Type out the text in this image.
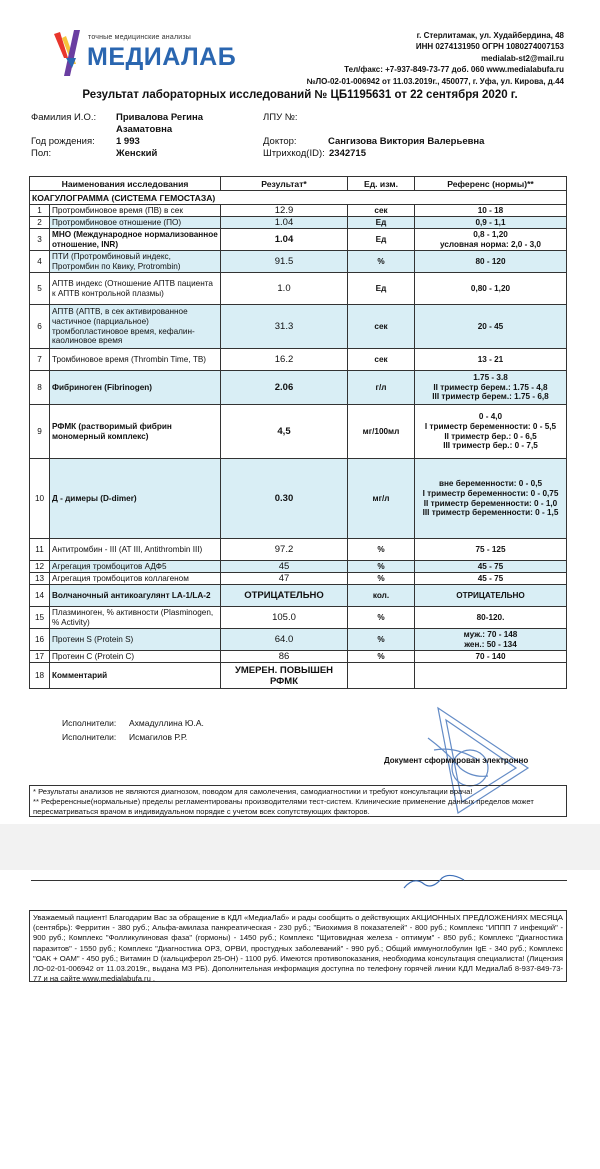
точные медицинские анализы
МЕДИАЛАБ
г. Стерлитамак, ул. Худайбердина, 48
ИНН 0274131950 ОГРН 1080274007153
medialab-st2@mail.ru
Тел/факс: +7-937-849-73-77 доб. 060 www.medialabufa.ru
№ЛО-02-01-006942 от 11.03.2019г., 450077, г. Уфа, ул. Кирова, д.44
Результат лабораторных исследований № ЦБ1195631 от 22 сентября 2020 г.
Фамилия И.О.: Привалова Регина
Азаматовна
Год рождения: 1 993
Пол:	Женский
ЛПУ №:
Доктор:	Сангизова Виктория Валерьевна
Штрихкод(ID): 2342715
Наименования исследования		Результат*	Ед. изм.	Референс (нормы)**
КОАГУЛОГРАММА (СИСТЕМА ГЕМОСТАЗА)				
1	Протромбиновое время (ПВ) в сек	12.9	сек	10 - 18
2	Протромбиновое отношение (ПО)	1.04	Ед	0,9 - 1,1
3	МНО (Международное нормализованное отношение, INR)	1.04	Ед	0,8 - 1,20
условная норма: 2,0 - 3,0
4	ПТИ (Протромбиновый индекс, Протромбин по Квику, Protrombin)	91.5	%	80 - 120
5	АПТВ индекс (Отношение АПТВ пациента к АПТВ контрольной плазмы)	1.0	Ед	0,80 - 1,20
6	АПТВ (АПТВ, в сек активированное частичное (парциальное) тромбопластиновое время, кефалин-каолиновое время	31.3	сек	20 - 45
7	Тромбиновое время (Thrombin Time, ТВ)	16.2	сек	13 - 21
8	Фибриноген (Fibrinogen)	2.06	г/л	1.75 - 3.8
II триместр берем.: 1.75 - 4,8
III триместр берем.: 1.75 - 6,8
9	РФМК (растворимый фибрин мономерный комплекс)	4,5	мг/100мл	0 - 4,0
I триместр беременности: 0 - 5,5
II триместр бер.: 0 - 6,5
III триместр бер.: 0 - 7,5
10	Д - димеры (D-dimer)	0.30	мг/л	вне беременности: 0 - 0,5
I триместр беременности: 0 - 0,75
II триместр беременности: 0 - 1,0
III триместр беременности: 0 - 1,5
11	Антитромбин - III (AT III, Antithrombin III)	97.2	%	75 - 125
12	Агрегация тромбоцитов АДФ5	45	%	45 - 75
13	Агрегация тромбоцитов коллагеном	47	%	45 - 75
14	Волчаночный антикоагулянт LA-1/LA-2	ОТРИЦАТЕЛЬНО	кол.	ОТРИЦАТЕЛЬНО
15	Плазминоген, % активности (Plasminogen, % Activity)	105.0	%	80-120.
16	Протеин S (Protein S)	64.0	%	муж.: 70 - 148
жен.: 50 - 134
17	Протеин C (Protein C)	86	%	70 - 140
18	Комментарий	УМЕРЕН. ПОВЫШЕН
РФМК		
Исполнители: Ахмадуллина Ю.А.
Исполнители: Исмагилов Р.Р.
Документ сформирован электронно
* Результаты анализов не являются диагнозом, поводом для самолечения, самодиагностики и требуют консультации врача!
** Референсные(нормальные) пределы регламентированы производителями тест-систем. Клинические применение данных пределов может пересматриваться врачом в индивидуальном порядке с учетом всех сопутствующих факторов.
Уважаемый пациент! Благодарим Вас за обращение в КДЛ «МедиаЛаб» и рады сообщить о действующих АКЦИОННЫХ ПРЕДЛОЖЕНИЯХ МЕСЯЦА (сентябрь): Ферритин - 380 руб.; Альфа-амилаза панкреатическая - 230 руб.; "Биохимия 8 показателей" - 800 руб.; Комплекс "ИППП 7 инфекций" - 900 руб.; Комплекс "Фолликулиновая фаза" (гормоны) - 1450 руб.; Комплекс "Щитовидная железа - оптимум" - 850 руб.; Комплекс "Диагностика паразитов" - 1550 руб.; Комплекс "Диагностика ОРЗ, ОРВИ, простудных заболеваний" - 990 руб.; Общий иммуноглобулин IgE - 340 руб.; Комплекс "ОАК + ОАМ" - 450 руб.; Витамин D (кальциферол 25-ОН) - 1100 руб. Имеются противопоказания, необходима консультация специалиста! (Лицензия ЛО-02-01-006942 от 11.03.2019г., выдана МЗ РБ). Дополнительная информация доступна по телефону горячей линии КДЛ МедиаЛаб 8-937-849-73-77 и на сайте www.medialabufa.ru .
